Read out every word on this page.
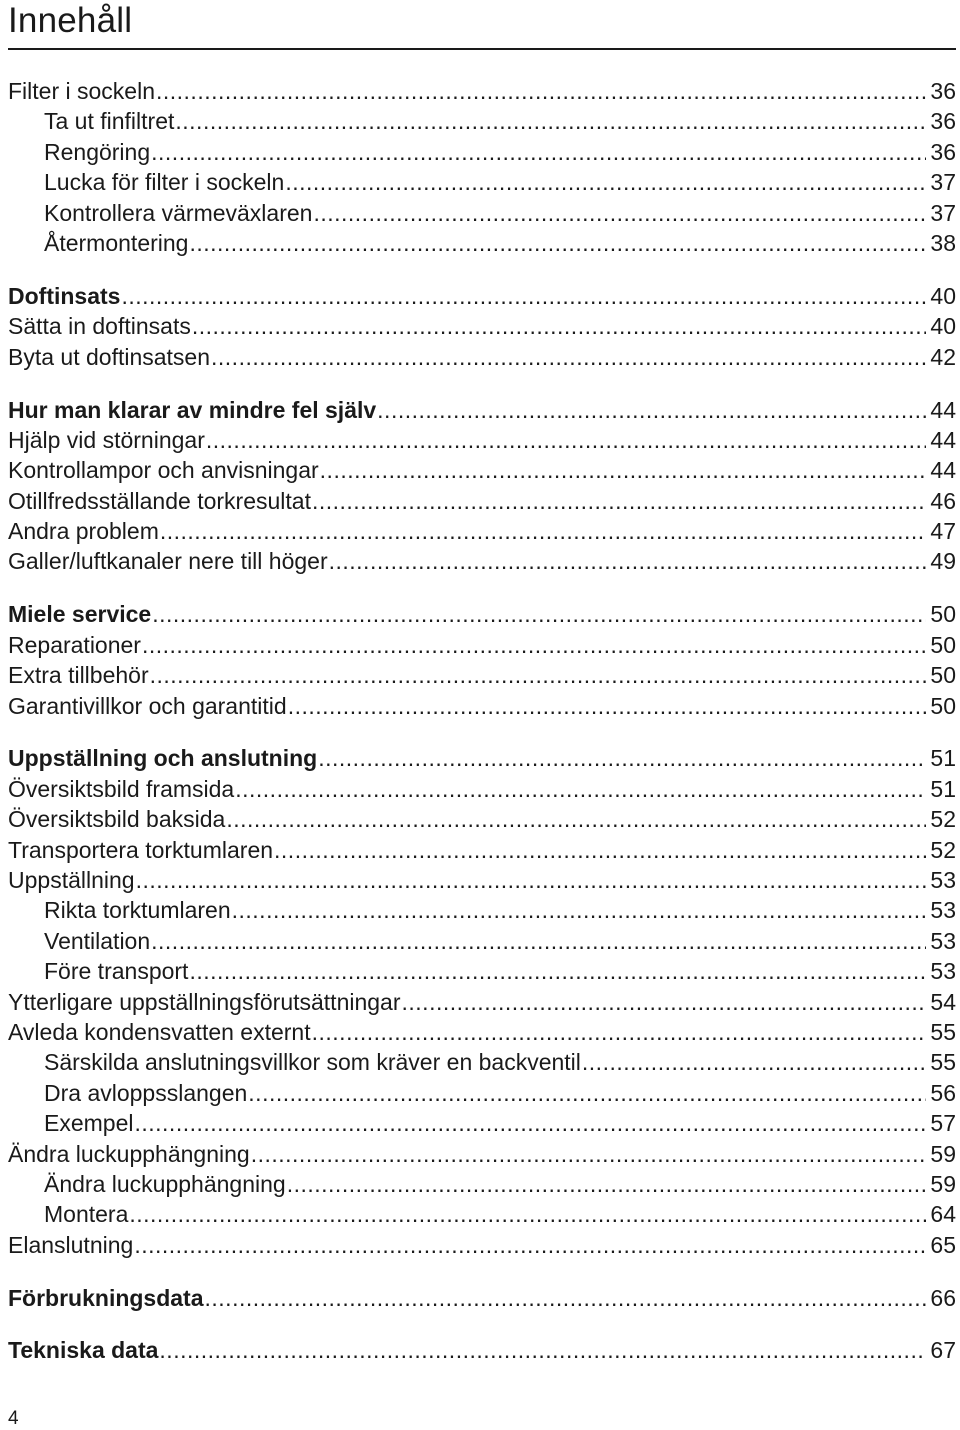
Innehåll
Filter i sockeln .....	36
Ta ut finfiltret .....	36
Rengöring .....	36
Lucka för filter i sockeln .....	37
Kontrollera värmeväxlaren .....	37
Återmontering .....	38
Doftinsats .....	40
Sätta in doftinsats .....	40
Byta ut doftinsatsen .....	42
Hur man klarar av mindre fel själv .....	44
Hjälp vid störningar .....	44
Kontrollampor och anvisningar .....	44
Otillfredsställande torkresultat .....	46
Andra problem .....	47
Galler/luftkanaler nere till höger .....	49
Miele service .....	50
Reparationer .....	50
Extra tillbehör .....	50
Garantivillkor och garantitid .....	50
Uppställning och anslutning .....	51
Översiktsbild framsida .....	51
Översiktsbild baksida .....	52
Transportera torktumlaren .....	52
Uppställning .....	53
Rikta torktumlaren .....	53
Ventilation .....	53
Före transport .....	53
Ytterligare uppställningsförutsättningar .....	54
Avleda kondensvatten externt .....	55
Särskilda anslutningsvillkor som kräver en backventil .....	55
Dra avloppsslangen .....	56
Exempel .....	57
Ändra luckupphängning .....	59
Ändra luckupphängning .....	59
Montera .....	64
Elanslutning .....	65
Förbrukningsdata .....	66
Tekniska data .....	67
4
